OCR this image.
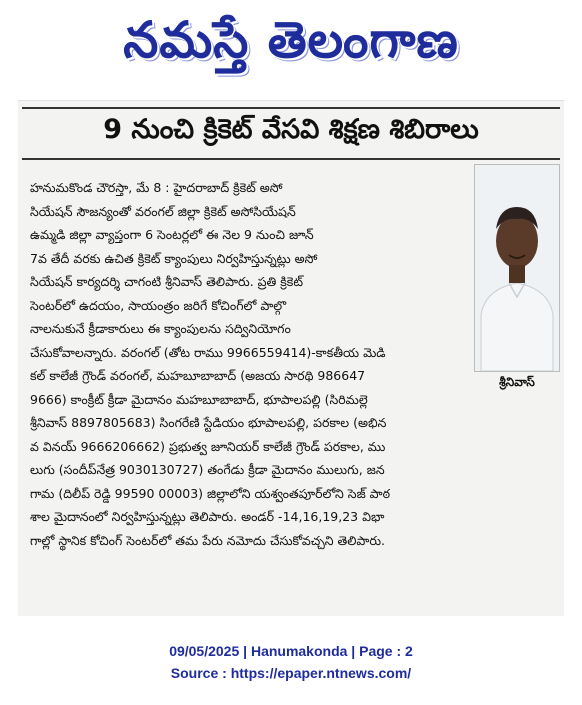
నమస్తే తెలంగాణ
9 నుంచి క్రికెట్ వేసవి శిక్షణ శిబిరాలు
శ్రీనివాస్
హనుమకొండ చౌరస్తా, మే 8 : హైదరాబాద్ క్రికెట్ అసో
సియేషన్ సౌజన్యంతో వరంగల్ జిల్లా క్రికెట్ అసోసియేషన్
ఉమ్మడి జిల్లా వ్యాప్తంగా 6 సెంటర్లలో ఈ నెల 9 నుంచి జూన్
7వ తేదీ వరకు ఉచిత క్రికెట్ క్యాంపులు నిర్వహిస్తున్నట్లు అసో
సియేషన్ కార్యదర్శి చాగంటి శ్రీనివాస్ తెలిపారు. ప్రతి క్రికెట్
సెంటర్‌లో ఉదయం, సాయంత్రం జరిగే కోచింగ్‌లో పాల్గొ
నాలనుకునే క్రీడాకారులు ఈ క్యాంపులను సద్వినియోగం
చేసుకోవాలన్నారు. వరంగల్ (తోట రాము 9966559414)-కాకతీయ మెడి
కల్ కాలేజీ గ్రౌండ్ వరంగల్, మహబూబాబాద్ (అజయ సారథి 986647
9666) కాంక్రీట్ క్రీడా మైదానం మహబూబాబాద్, భూపాలపల్లి (సిరిమల్లె
శ్రీనివాస్ 8897805683) సింగరేణి స్టేడియం భూపాలపల్లి, పరకాల (అభిన
వ వినయ్ 9666206662) ప్రభుత్వ జూనియర్ కాలేజీ గ్రౌండ్ పరకాల, ము
లుగు (సందీప్‌నేత్ర 9030130727) తంగేడు క్రీడా మైదానం ములుగు, జన
గామ (దిలీప్ రెడ్డి 99590 00003) జిల్లాలోని యశ్వంతపూర్‌లోని సెజ్ పాఠ
శాల మైదానంలో నిర్వహిస్తున్నట్లు తెలిపారు. అండర్ -14,16,19,23 విభా
గాల్లో స్థానిక కోచింగ్ సెంటర్‌లో తమ పేరు నమోదు చేసుకోవచ్చని తెలిపారు.
09/05/2025 | Hanumakonda | Page : 2
Source : https://epaper.ntnews.com/
